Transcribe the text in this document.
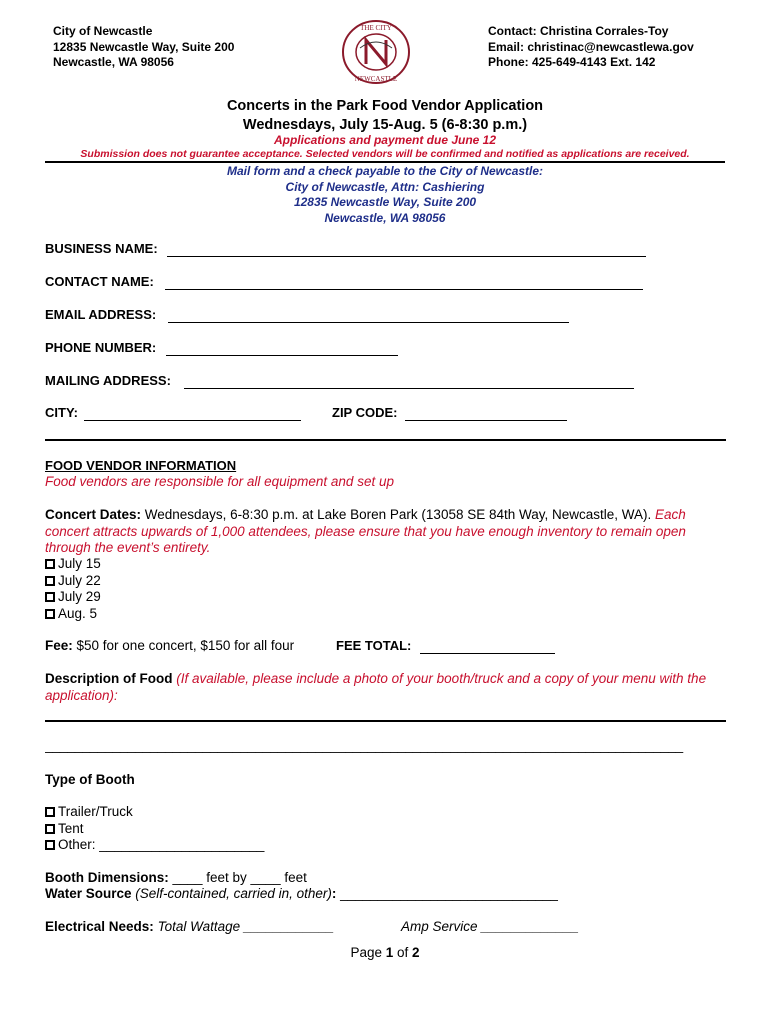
City of Newcastle
12835 Newcastle Way, Suite 200
Newcastle, WA 98056
THE CITY
NEWCASTLE
Contact: Christina Corrales-Toy
Email: christinac@newcastlewa.gov
Phone: 425-649-4143 Ext. 142
Concerts in the Park Food Vendor Application
Wednesdays, July 15-Aug. 5 (6-8:30 p.m.)
Applications and payment due June 12
Submission does not guarantee acceptance. Selected vendors will be confirmed and notified as applications are received.
Mail form and a check payable to the City of Newcastle:
City of Newcastle, Attn: Cashiering
12835 Newcastle Way, Suite 200
Newcastle, WA 98056
BUSINESS NAME:
CONTACT NAME:
EMAIL ADDRESS:
PHONE NUMBER:
MAILING ADDRESS:
CITY:	ZIP CODE:
FOOD VENDOR INFORMATION
Food vendors are responsible for all equipment and set up
Concert Dates: Wednesdays, 6-8:30 p.m. at Lake Boren Park (13058 SE 84th Way, Newcastle, WA). Each concert attracts upwards of 1,000 attendees, please ensure that you have enough inventory to remain open through the event’s entirety.
July 15
July 22
July 29
Aug. 5
Fee: $50 for one concert, $150 for all four	FEE TOTAL:
Description of Food (If available, please include a photo of your booth/truck and a copy of your menu with the application):
_____________________________________________________________________________________
Type of Booth
Trailer/Truck
Tent
Other: ______________________
Booth Dimensions: ____ feet by ____ feet
Water Source (Self-contained, carried in, other): _____________________________
Electrical Needs: Total Wattage ____________	Amp Service _____________
Page 1 of 2
